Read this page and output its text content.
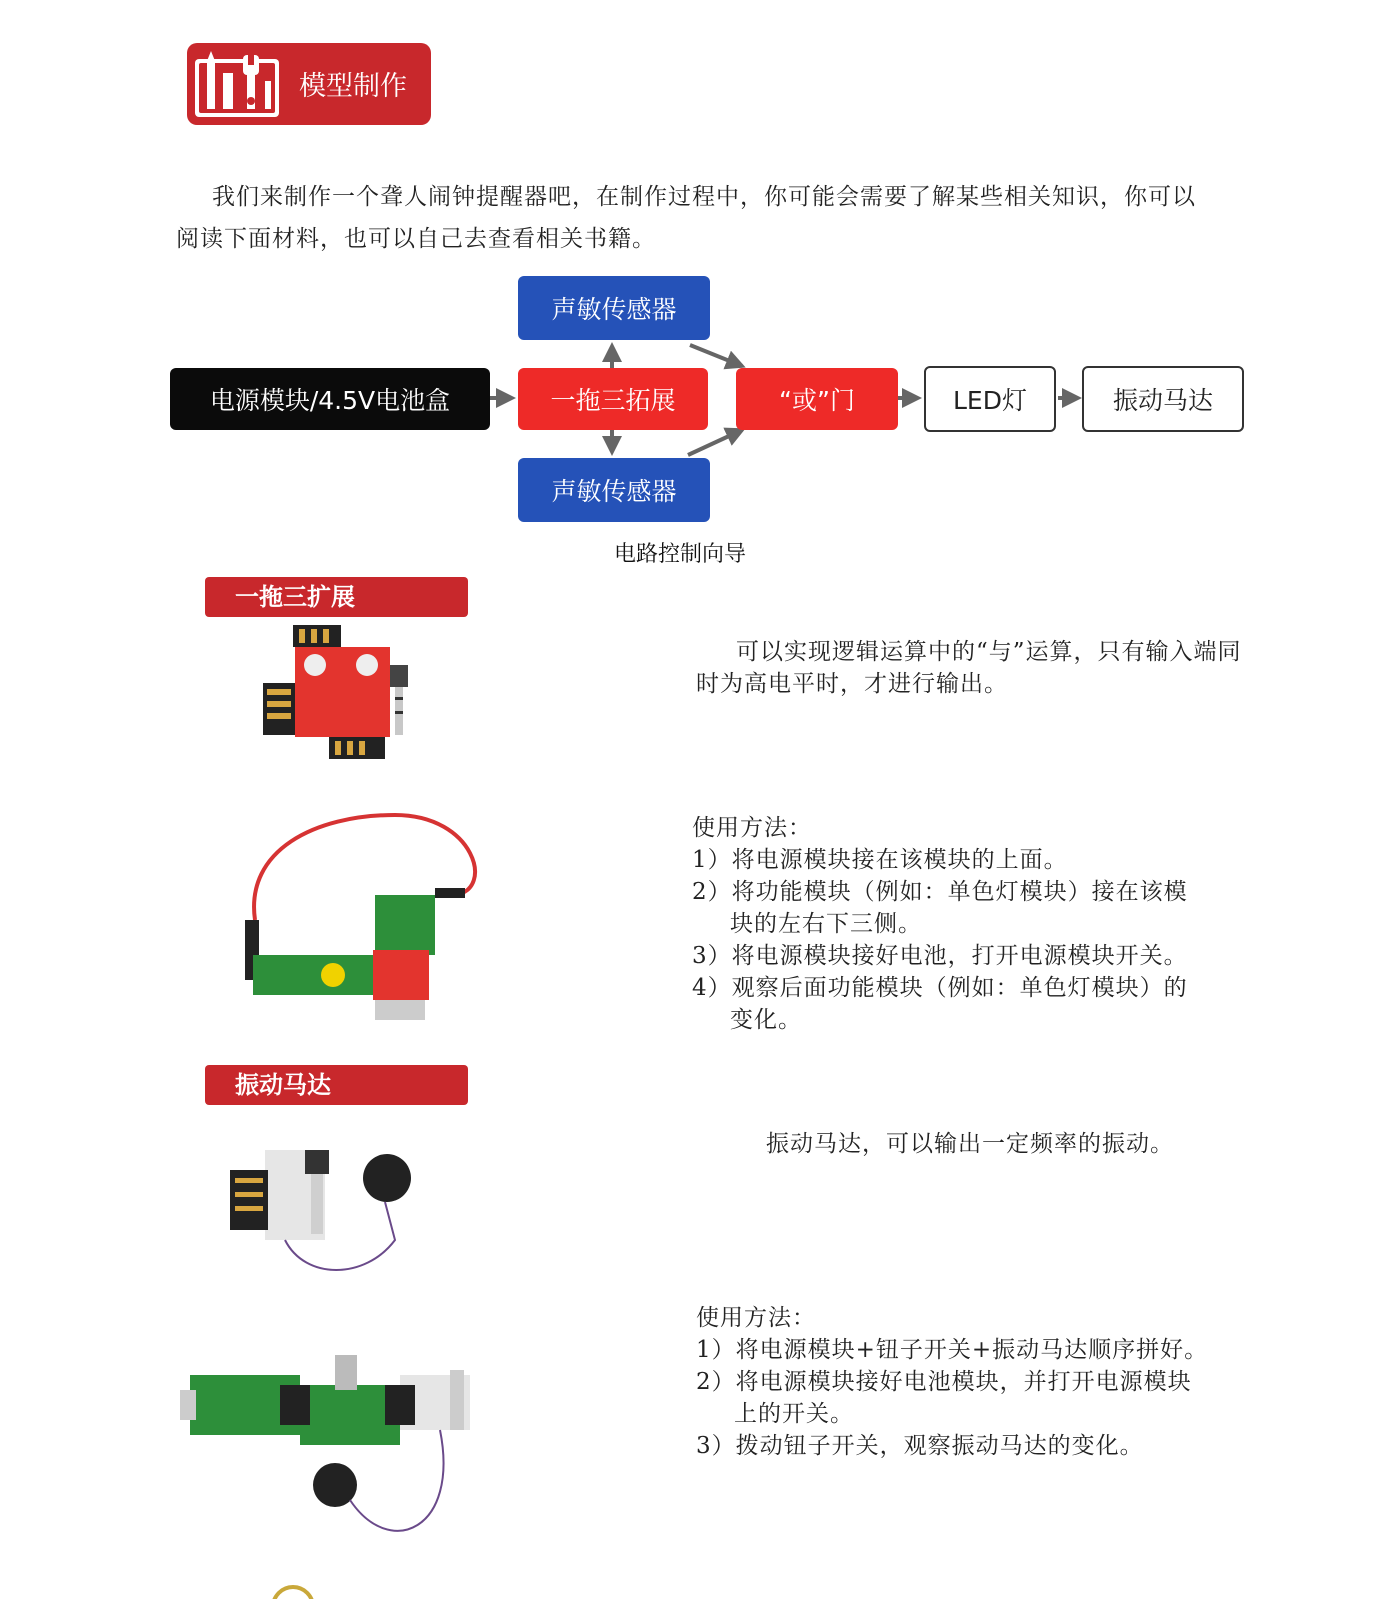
模型制作
我们来制作一个聋人闹钟提醒器吧，在制作过程中，你可能会需要了解某些相关知识，你可以阅读下面材料，也可以自己去查看相关书籍。
电源模块/4.5V电池盒	一拖三拓展
声敏传感器
声敏传感器
“或”门	LED灯	振动马达
电路控制向导
一拖三扩展
可以实现逻辑运算中的“与”运算，只有输入端同时为高电平时，才进行输出。
使用方法：
1）将电源模块接在该模块的上面。
2）将功能模块（例如：单色灯模块）接在该模
块的左右下三侧。
3）将电源模块接好电池，打开电源模块开关。
4）观察后面功能模块（例如：单色灯模块）的
变化。
振动马达
振动马达，可以输出一定频率的振动。
使用方法：
1）将电源模块+钮子开关+振动马达顺序拼好。
2）将电源模块接好电池模块，并打开电源模块
上的开关。
3）拨动钮子开关，观察振动马达的变化。
